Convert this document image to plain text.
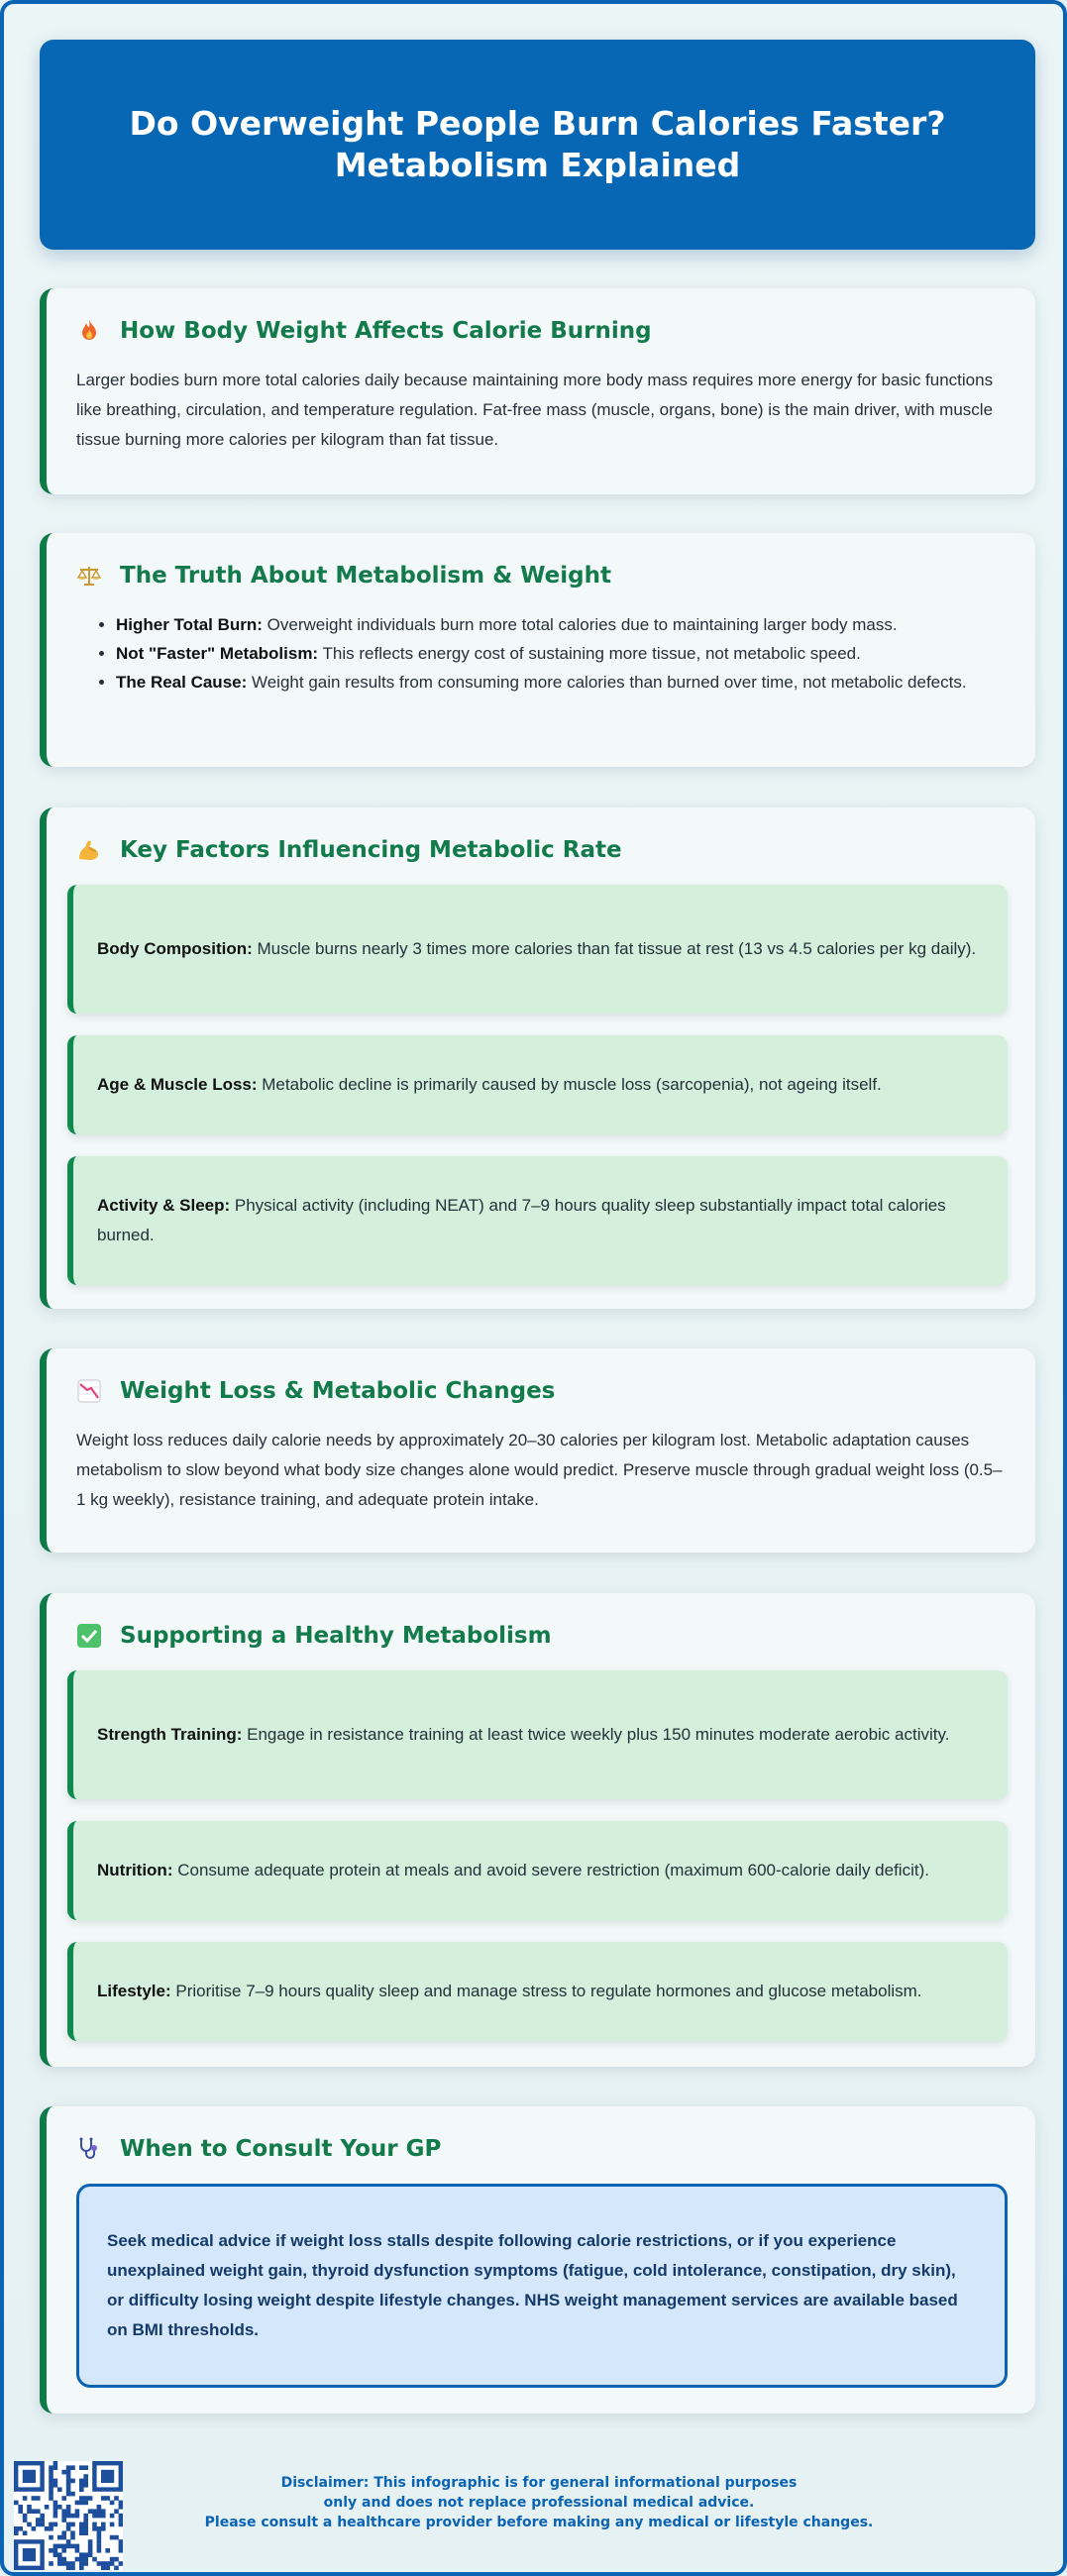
Do Overweight People Burn Calories Faster? Metabolism Explained
How Body Weight Affects Calorie Burning

Larger bodies burn more total calories daily because maintaining more body mass requires more energy for basic functions like breathing, circulation, and temperature regulation. Fat-free mass (muscle, organs, bone) is the main driver, with muscle tissue burning more calories per kilogram than fat tissue.

The Truth About Metabolism & Weight
• Higher Total Burn: Overweight individuals burn more total calories due to maintaining larger body mass.
• Not "Faster" Metabolism: This reflects energy cost of sustaining more tissue, not metabolic speed.
• The Real Cause: Weight gain results from consuming more calories than burned over time, not metabolic defects.
Key Factors Influencing Metabolic Rate

Body Composition: Muscle burns nearly 3 times more calories than fat tissue at rest (13 vs 4.5 calories per kg daily).

Age & Muscle Loss: Metabolic decline is primarily caused by muscle loss (sarcopenia), not ageing itself.

Activity & Sleep: Physical activity (including NEAT) and 7–9 hours quality sleep substantially impact total calories burned.

Weight Loss & Metabolic Changes

Weight loss reduces daily calorie needs by approximately 20–30 calories per kilogram lost. Metabolic adaptation causes metabolism to slow beyond what body size changes alone would predict. Preserve muscle through gradual weight loss (0.5–1 kg weekly), resistance training, and adequate protein intake.

Supporting a Healthy Metabolism

Strength Training: Engage in resistance training at least twice weekly plus 150 minutes moderate aerobic activity.

Nutrition: Consume adequate protein at meals and avoid severe restriction (maximum 600-calorie daily deficit).

Lifestyle: Prioritise 7–9 hours quality sleep and manage stress to regulate hormones and glucose metabolism.

When to Consult Your GP

Seek medical advice if weight loss stalls despite following calorie restrictions, or if you experience unexplained weight gain, thyroid dysfunction symptoms (fatigue, cold intolerance, constipation, dry skin), or difficulty losing weight despite lifestyle changes. NHS weight management services are available based on BMI thresholds.

Disclaimer: This infographic is for general informational purposes
only and does not replace professional medical advice.
Please consult a healthcare provider before making any medical or lifestyle changes.
